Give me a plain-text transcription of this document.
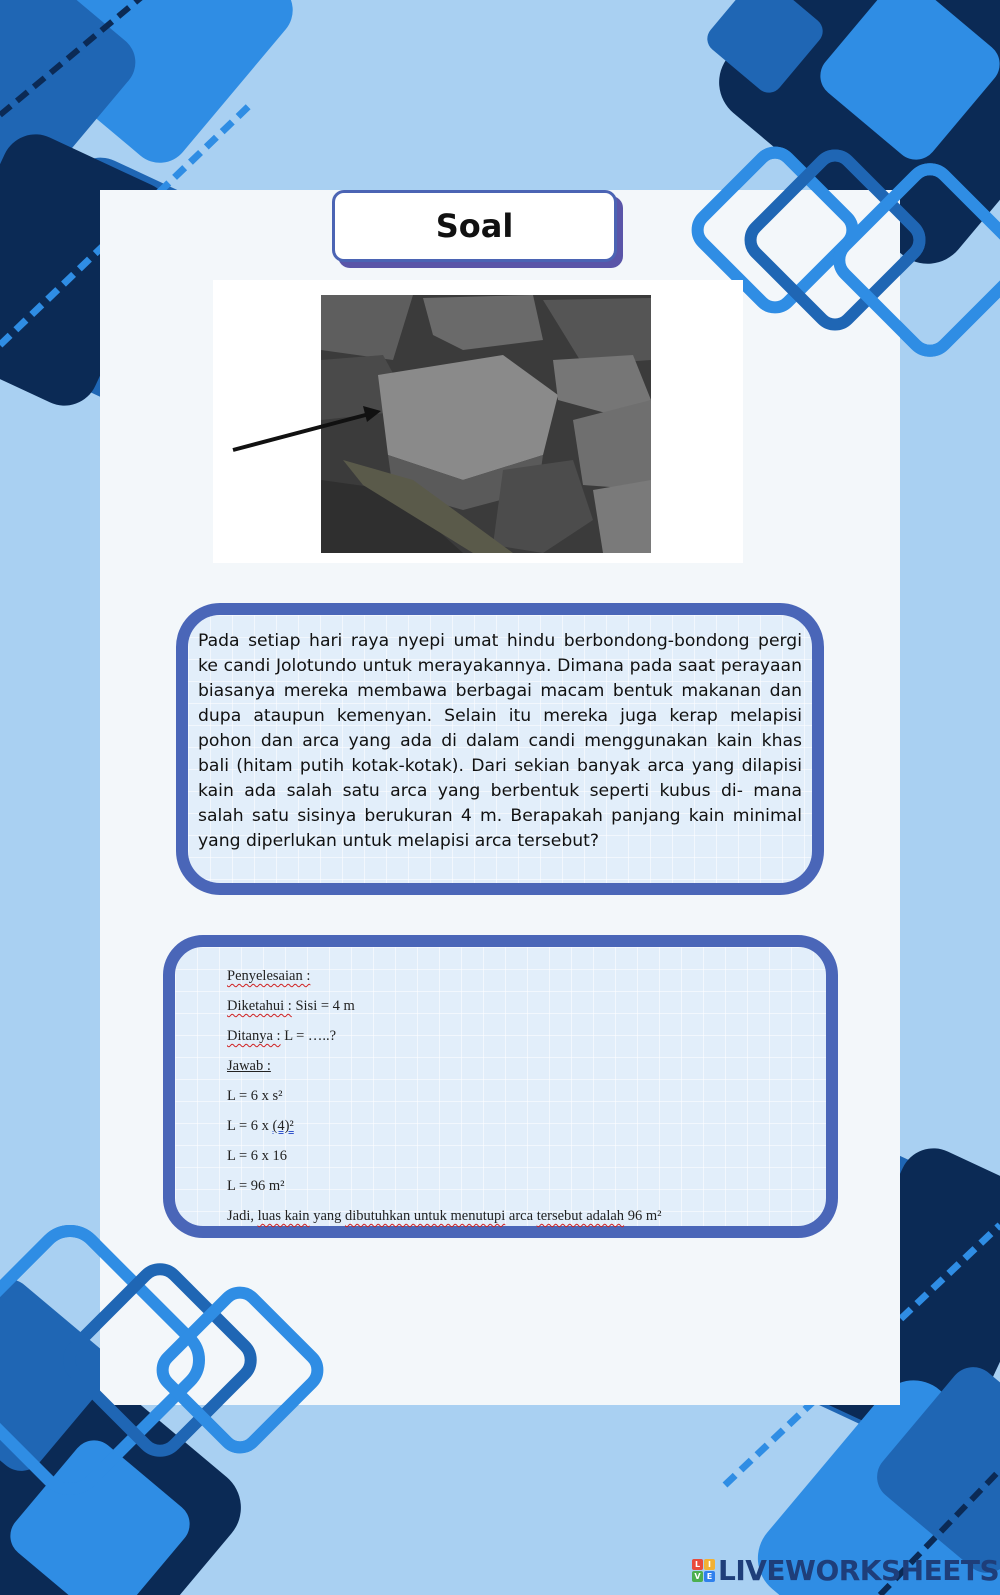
Soal

Pada setiap hari raya nyepi umat hindu berbondong-bondong pergi ke candi Jolotundo untuk merayakannya. Dimana pada saat perayaan biasanya mereka membawa berbagai macam bentuk makanan dan dupa ataupun kemenyan. Selain itu mereka juga kerap melapisi pohon dan arca yang ada di dalam candi menggunakan kain khas bali (hitam putih kotak-kotak). Dari sekian banyak arca yang dilapisi kain ada salah satu arca yang berbentuk seperti kubus di- mana salah satu sisinya berukuran 4 m. Berapakah panjang kain minimal yang diperlukan untuk melapisi arca tersebut?

Penyelesaian :
Diketahui : Sisi = 4 m
Ditanya : L = …..?
Jawab :
L = 6 x s²
L = 6 x (4)²
L = 6 x 16
L = 96 m²
Jadi, luas kain yang dibutuhkan untuk menutupi arca tersebut adalah 96 m²
L I
V E LIVEWORKSHEETS
